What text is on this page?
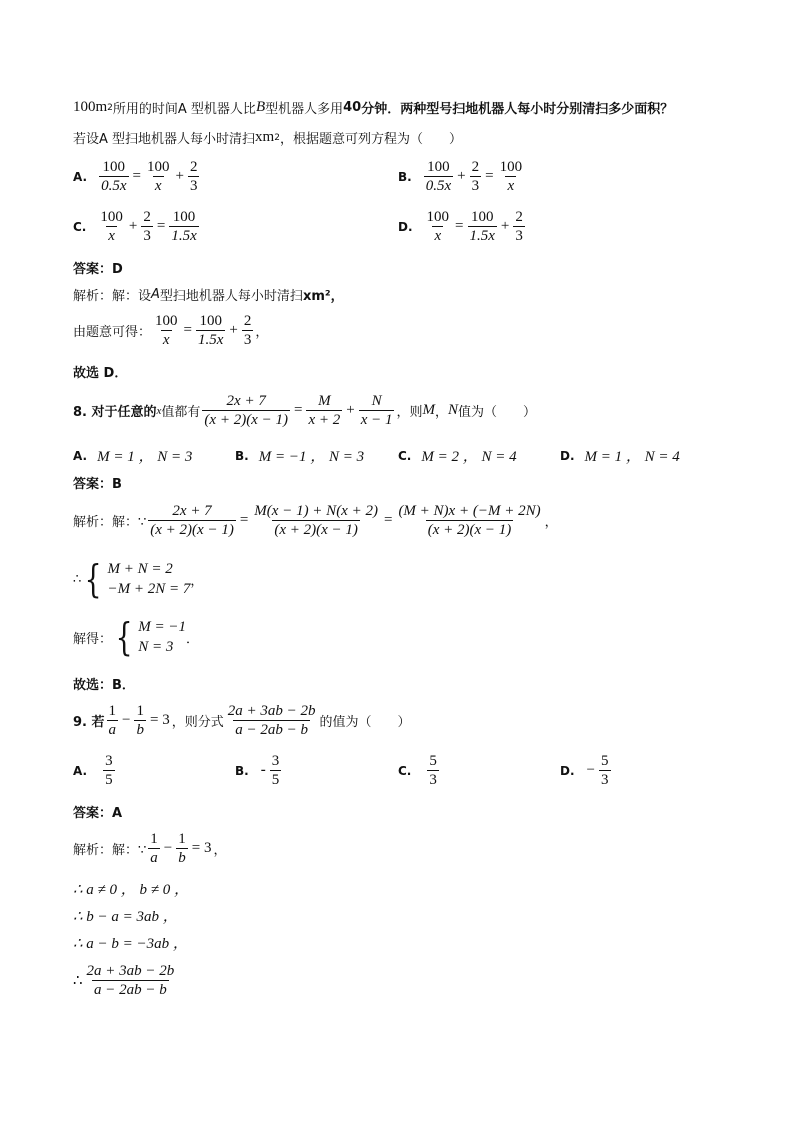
100m 2 所用的时间A 型机器人比 B 型机器人多用 40 分钟．两种型号扫地机器人每小时分别清扫多少面积？
若设A 型扫地机器人每小时清扫 xm 2 ，根据题意可列方程为（　　）
A. $\frac{100}{0.5x} = \frac{100}{x} + \frac{2}{3}$	B. $\frac{100}{0.5x} + \frac{2}{3} = \frac{100}{x}$
C. $\frac{100}{x} + \frac{2}{3} = \frac{100}{1.5x}$	D. $\frac{100}{x} = \frac{100}{1.5x} + \frac{2}{3}$
答案：D
解析：解：设 A 型扫地机器人每小时清扫 xm²，
由题意可得： $\frac{100}{x} = \frac{100}{1.5x} + \frac{2}{3}$ ，
故选 D．
8. 对于任意的 x 值都有 $\frac{2x + 7}{(x + 2)(x - 1)} = \frac{M}{x + 2} + \frac{N}{x - 1}$ ，则 M ， N 值为（　　）
A. M = 1 ， N = 3	B. M = −1 ， N = 3	C. M = 2 ， N = 4	D. M = 1 ， N = 4
答案：B
解析：解：∵ $\frac{2x + 7}{(x + 2)(x - 1)} = \frac{M(x - 1) + N(x + 2)}{(x + 2)(x - 1)} = \frac{(M + N)x + (-M + 2N)}{(x + 2)(x - 1)}$ ，
∴ { M + N = 2
−M + 2N = 7 ，
解得： { M = −1
N = 3 ．
故选：B．
9. 若 $\frac{1}{a} - \frac{1}{b} = 3$ ，则分式 $\frac{2a + 3ab - 2b}{a - 2ab - b}$ 的值为（　　）
A. $\frac{3}{5}$	B. - $\frac{3}{5}$	C. $\frac{5}{3}$	D. − $\frac{5}{3}$
答案：A
解析：解：∵ $\frac{1}{a} - \frac{1}{b} = 3$ ，
∴ a ≠ 0 ， b ≠ 0 ，
∴ b − a = 3ab ，
∴ a − b = −3ab ，
∴ $\frac{2a + 3ab - 2b}{a - 2ab - b}$
